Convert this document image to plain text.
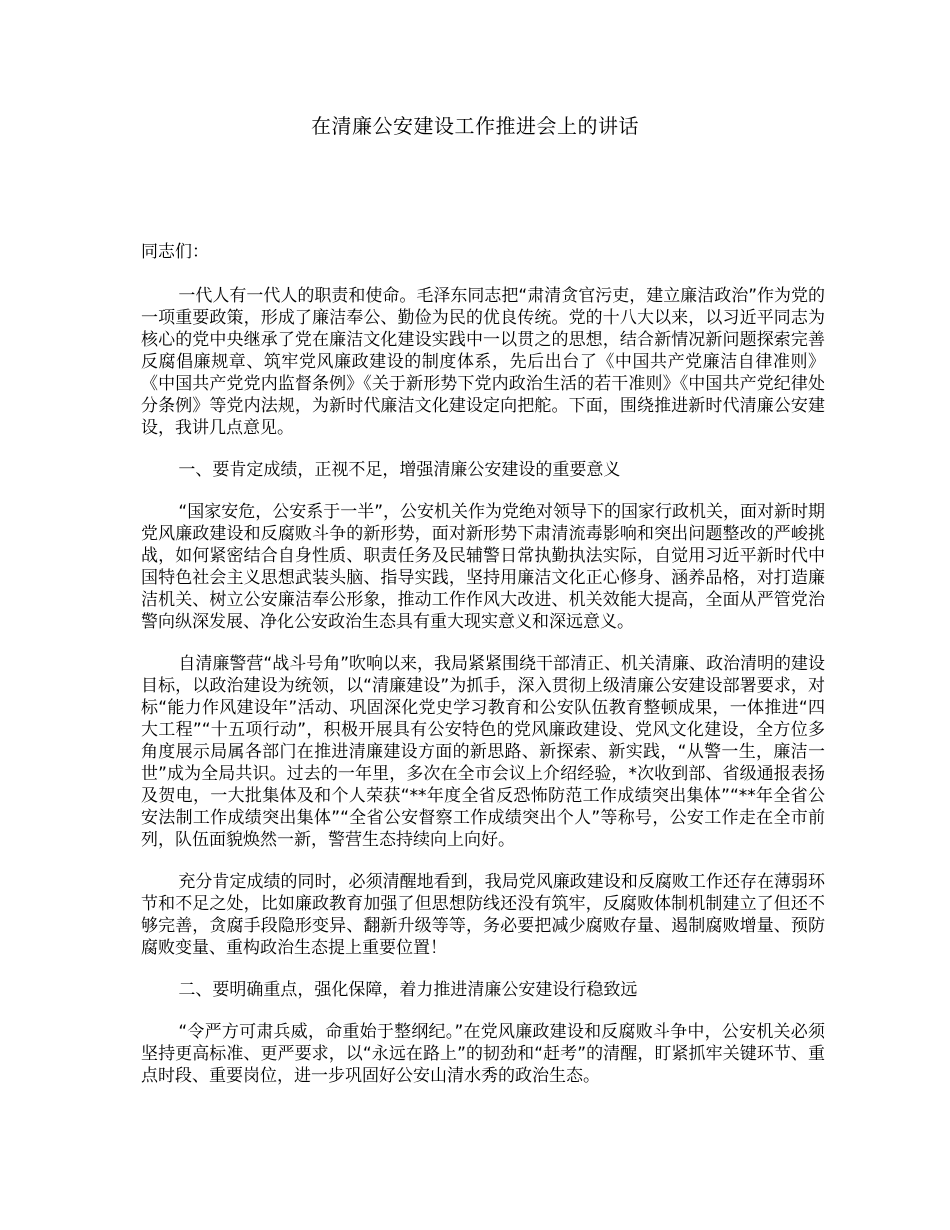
在清廉公安建设工作推进会上的讲话

同志们：

一代人有一代人的职责和使命。毛泽东同志把“肃清贪官污吏，建立廉洁政治”作为党的一项重要政策，形成了廉洁奉公、勤俭为民的优良传统。党的十八大以来，以习近平同志为核心的党中央继承了党在廉洁文化建设实践中一以贯之的思想，结合新情况新问题探索完善反腐倡廉规章、筑牢党风廉政建设的制度体系，先后出台了《中国共产党廉洁自律准则》《中国共产党党内监督条例》《关于新形势下党内政治生活的若干准则》《中国共产党纪律处分条例》等党内法规，为新时代廉洁文化建设定向把舵。下面，围绕推进新时代清廉公安建设，我讲几点意见。

一、要肯定成绩，正视不足，增强清廉公安建设的重要意义

“国家安危，公安系于一半”，公安机关作为党绝对领导下的国家行政机关，面对新时期党风廉政建设和反腐败斗争的新形势，面对新形势下肃清流毒影响和突出问题整改的严峻挑战，如何紧密结合自身性质、职责任务及民辅警日常执勤执法实际，自觉用习近平新时代中国特色社会主义思想武装头脑、指导实践，坚持用廉洁文化正心修身、涵养品格，对打造廉洁机关、树立公安廉洁奉公形象，推动工作作风大改进、机关效能大提高，全面从严管党治警向纵深发展、净化公安政治生态具有重大现实意义和深远意义。

自清廉警营“战斗号角”吹响以来，我局紧紧围绕干部清正、机关清廉、政治清明的建设目标，以政治建设为统领，以“清廉建设”为抓手，深入贯彻上级清廉公安建设部署要求，对标“能力作风建设年”活动、巩固深化党史学习教育和公安队伍教育整顿成果，一体推进“四大工程”“十五项行动”，积极开展具有公安特色的党风廉政建设、党风文化建设，全方位多角度展示局属各部门在推进清廉建设方面的新思路、新探索、新实践，“从警一生，廉洁一世”成为全局共识。过去的一年里，多次在全市会议上介绍经验，*次收到部、省级通报表扬及贺电，一大批集体及和个人荣获“**年度全省反恐怖防范工作成绩突出集体”“**年全省公安法制工作成绩突出集体”“全省公安督察工作成绩突出个人”等称号，公安工作走在全市前列，队伍面貌焕然一新，警营生态持续向上向好。

充分肯定成绩的同时，必须清醒地看到，我局党风廉政建设和反腐败工作还存在薄弱环节和不足之处，比如廉政教育加强了但思想防线还没有筑牢，反腐败体制机制建立了但还不够完善，贪腐手段隐形变异、翻新升级等等，务必要把减少腐败存量、遏制腐败增量、预防腐败变量、重构政治生态提上重要位置！

二、要明确重点，强化保障，着力推进清廉公安建设行稳致远

“令严方可肃兵威，命重始于整纲纪。”在党风廉政建设和反腐败斗争中，公安机关必须坚持更高标准、更严要求，以“永远在路上”的韧劲和“赶考”的清醒，盯紧抓牢关键环节、重点时段、重要岗位，进一步巩固好公安山清水秀的政治生态。
